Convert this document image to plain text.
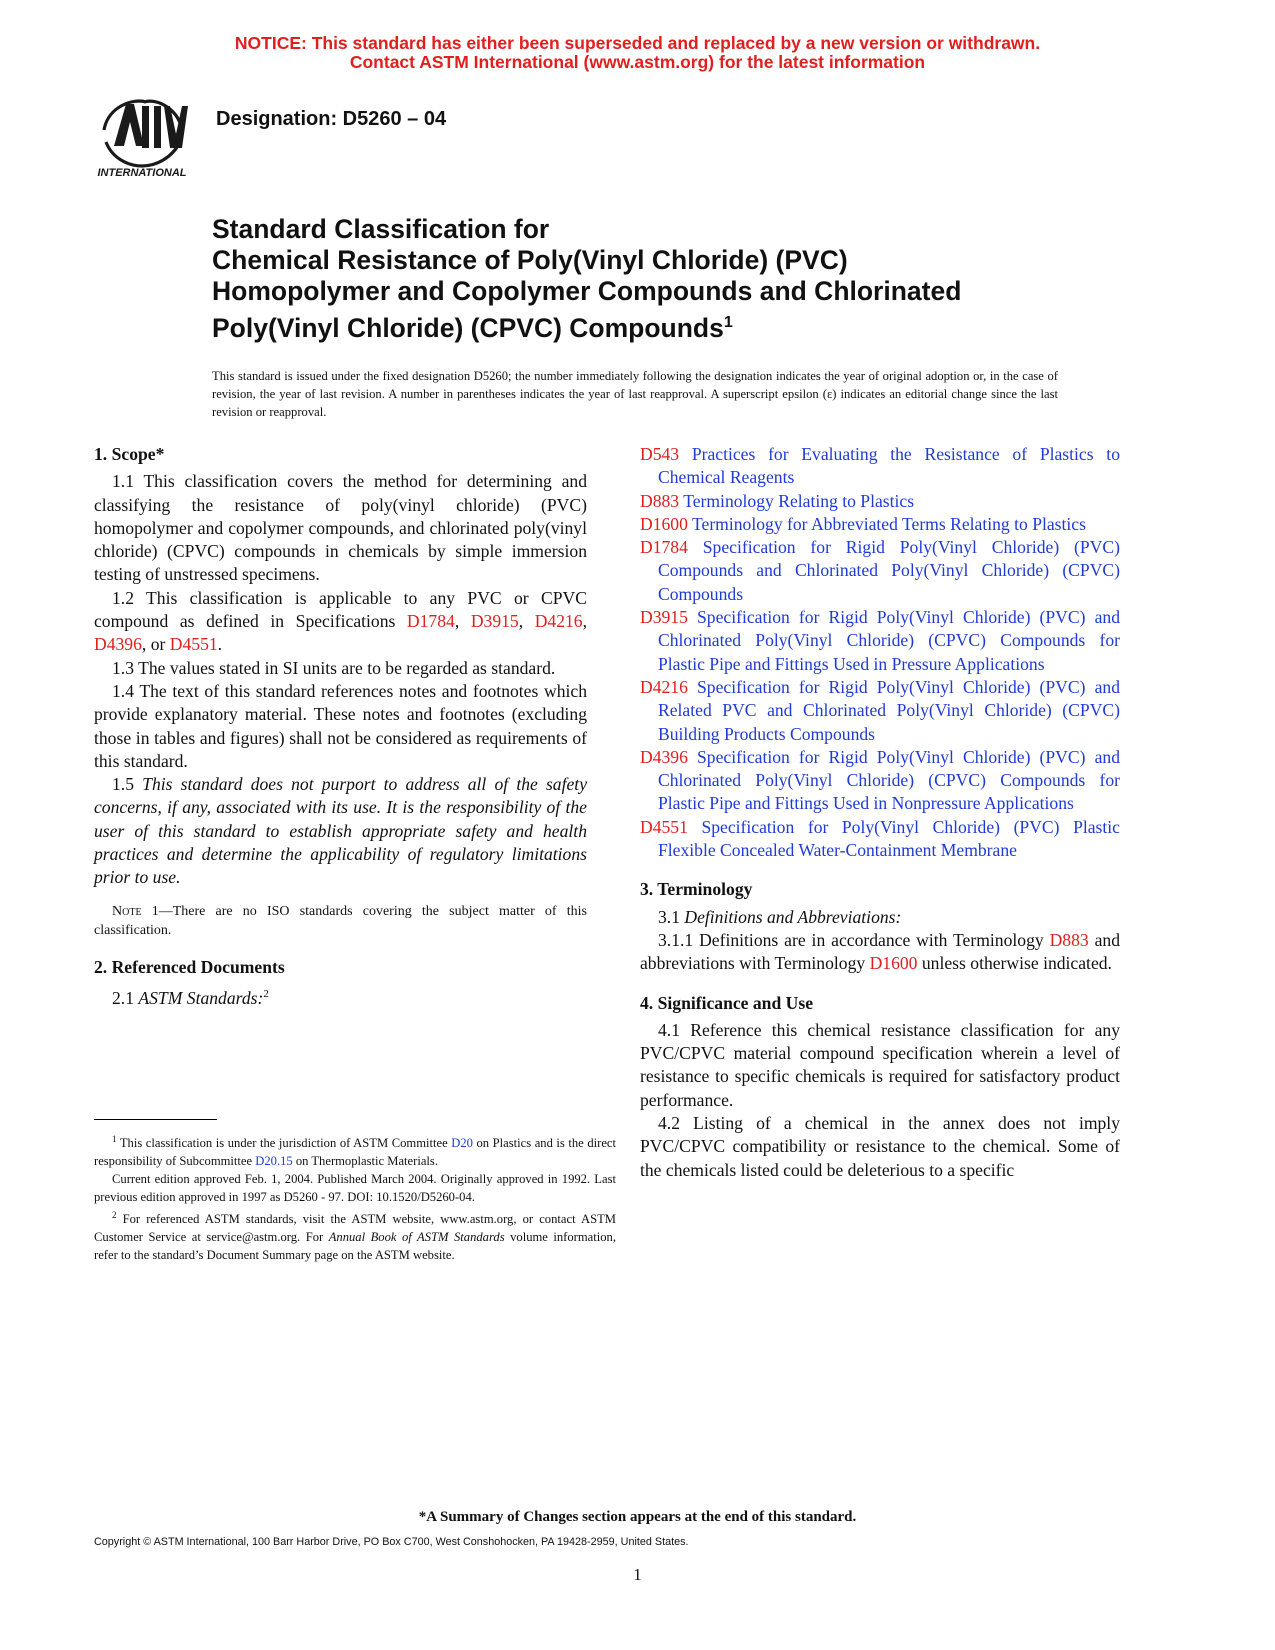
NOTICE: This standard has either been superseded and replaced by a new version or withdrawn.
Contact ASTM International (www.astm.org) for the latest information
INTERNATIONAL
Designation: D5260 – 04
Standard Classification for
Chemical Resistance of Poly(Vinyl Chloride) (PVC)
Homopolymer and Copolymer Compounds and Chlorinated
Poly(Vinyl Chloride) (CPVC) Compounds$^1$
This standard is issued under the fixed designation D5260; the number immediately following the designation indicates the year of original adoption or, in the case of revision, the year of last revision. A number in parentheses indicates the year of last reapproval. A superscript epsilon (ε) indicates an editorial change since the last revision or reapproval.

1. Scope*

1.1 This classification covers the method for determining and classifying the resistance of poly(vinyl chloride) (PVC) homopolymer and copolymer compounds, and chlorinated poly(vinyl chloride) (CPVC) compounds in chemicals by simple immersion testing of unstressed specimens.

1.2 This classification is applicable to any PVC or CPVC compound as defined in Specifications D1784, D3915, D4216, D4396, or D4551.

1.3 The values stated in SI units are to be regarded as standard.

1.4 The text of this standard references notes and footnotes which provide explanatory material. These notes and footnotes (excluding those in tables and figures) shall not be considered as requirements of this standard.

1.5 This standard does not purport to address all of the safety concerns, if any, associated with its use. It is the responsibility of the user of this standard to establish appropriate safety and health practices and determine the applicability of regulatory limitations prior to use.

Note 1—There are no ISO standards covering the subject matter of this classification.

2. Referenced Documents

2.1 ASTM Standards:$^2$

D543 Practices for Evaluating the Resistance of Plastics to Chemical Reagents

D883 Terminology Relating to Plastics

D1600 Terminology for Abbreviated Terms Relating to Plastics

D1784 Specification for Rigid Poly(Vinyl Chloride) (PVC) Compounds and Chlorinated Poly(Vinyl Chloride) (CPVC) Compounds

D3915 Specification for Rigid Poly(Vinyl Chloride) (PVC) and Chlorinated Poly(Vinyl Chloride) (CPVC) Compounds for Plastic Pipe and Fittings Used in Pressure Applications

D4216 Specification for Rigid Poly(Vinyl Chloride) (PVC) and Related PVC and Chlorinated Poly(Vinyl Chloride) (CPVC) Building Products Compounds

D4396 Specification for Rigid Poly(Vinyl Chloride) (PVC) and Chlorinated Poly(Vinyl Chloride) (CPVC) Compounds for Plastic Pipe and Fittings Used in Nonpressure Applications

D4551 Specification for Poly(Vinyl Chloride) (PVC) Plastic Flexible Concealed Water-Containment Membrane

3. Terminology

3.1 Definitions and Abbreviations:

3.1.1 Definitions are in accordance with Terminology D883 and abbreviations with Terminology D1600 unless otherwise indicated.

4. Significance and Use

4.1 Reference this chemical resistance classification for any PVC/CPVC material compound specification wherein a level of resistance to specific chemicals is required for satisfactory product performance.

4.2 Listing of a chemical in the annex does not imply PVC/CPVC compatibility or resistance to the chemical. Some of the chemicals listed could be deleterious to a specific

$^1$ This classification is under the jurisdiction of ASTM Committee D20 on Plastics and is the direct responsibility of Subcommittee D20.15 on Thermoplastic Materials.

Current edition approved Feb. 1, 2004. Published March 2004. Originally approved in 1992. Last previous edition approved in 1997 as D5260 - 97. DOI: 10.1520/D5260-04.

$^2$ For referenced ASTM standards, visit the ASTM website, www.astm.org, or contact ASTM Customer Service at service@astm.org. For Annual Book of ASTM Standards volume information, refer to the standard’s Document Summary page on the ASTM website.

*A Summary of Changes section appears at the end of this standard.
Copyright © ASTM International, 100 Barr Harbor Drive, PO Box C700, West Conshohocken, PA 19428-2959, United States.
1
